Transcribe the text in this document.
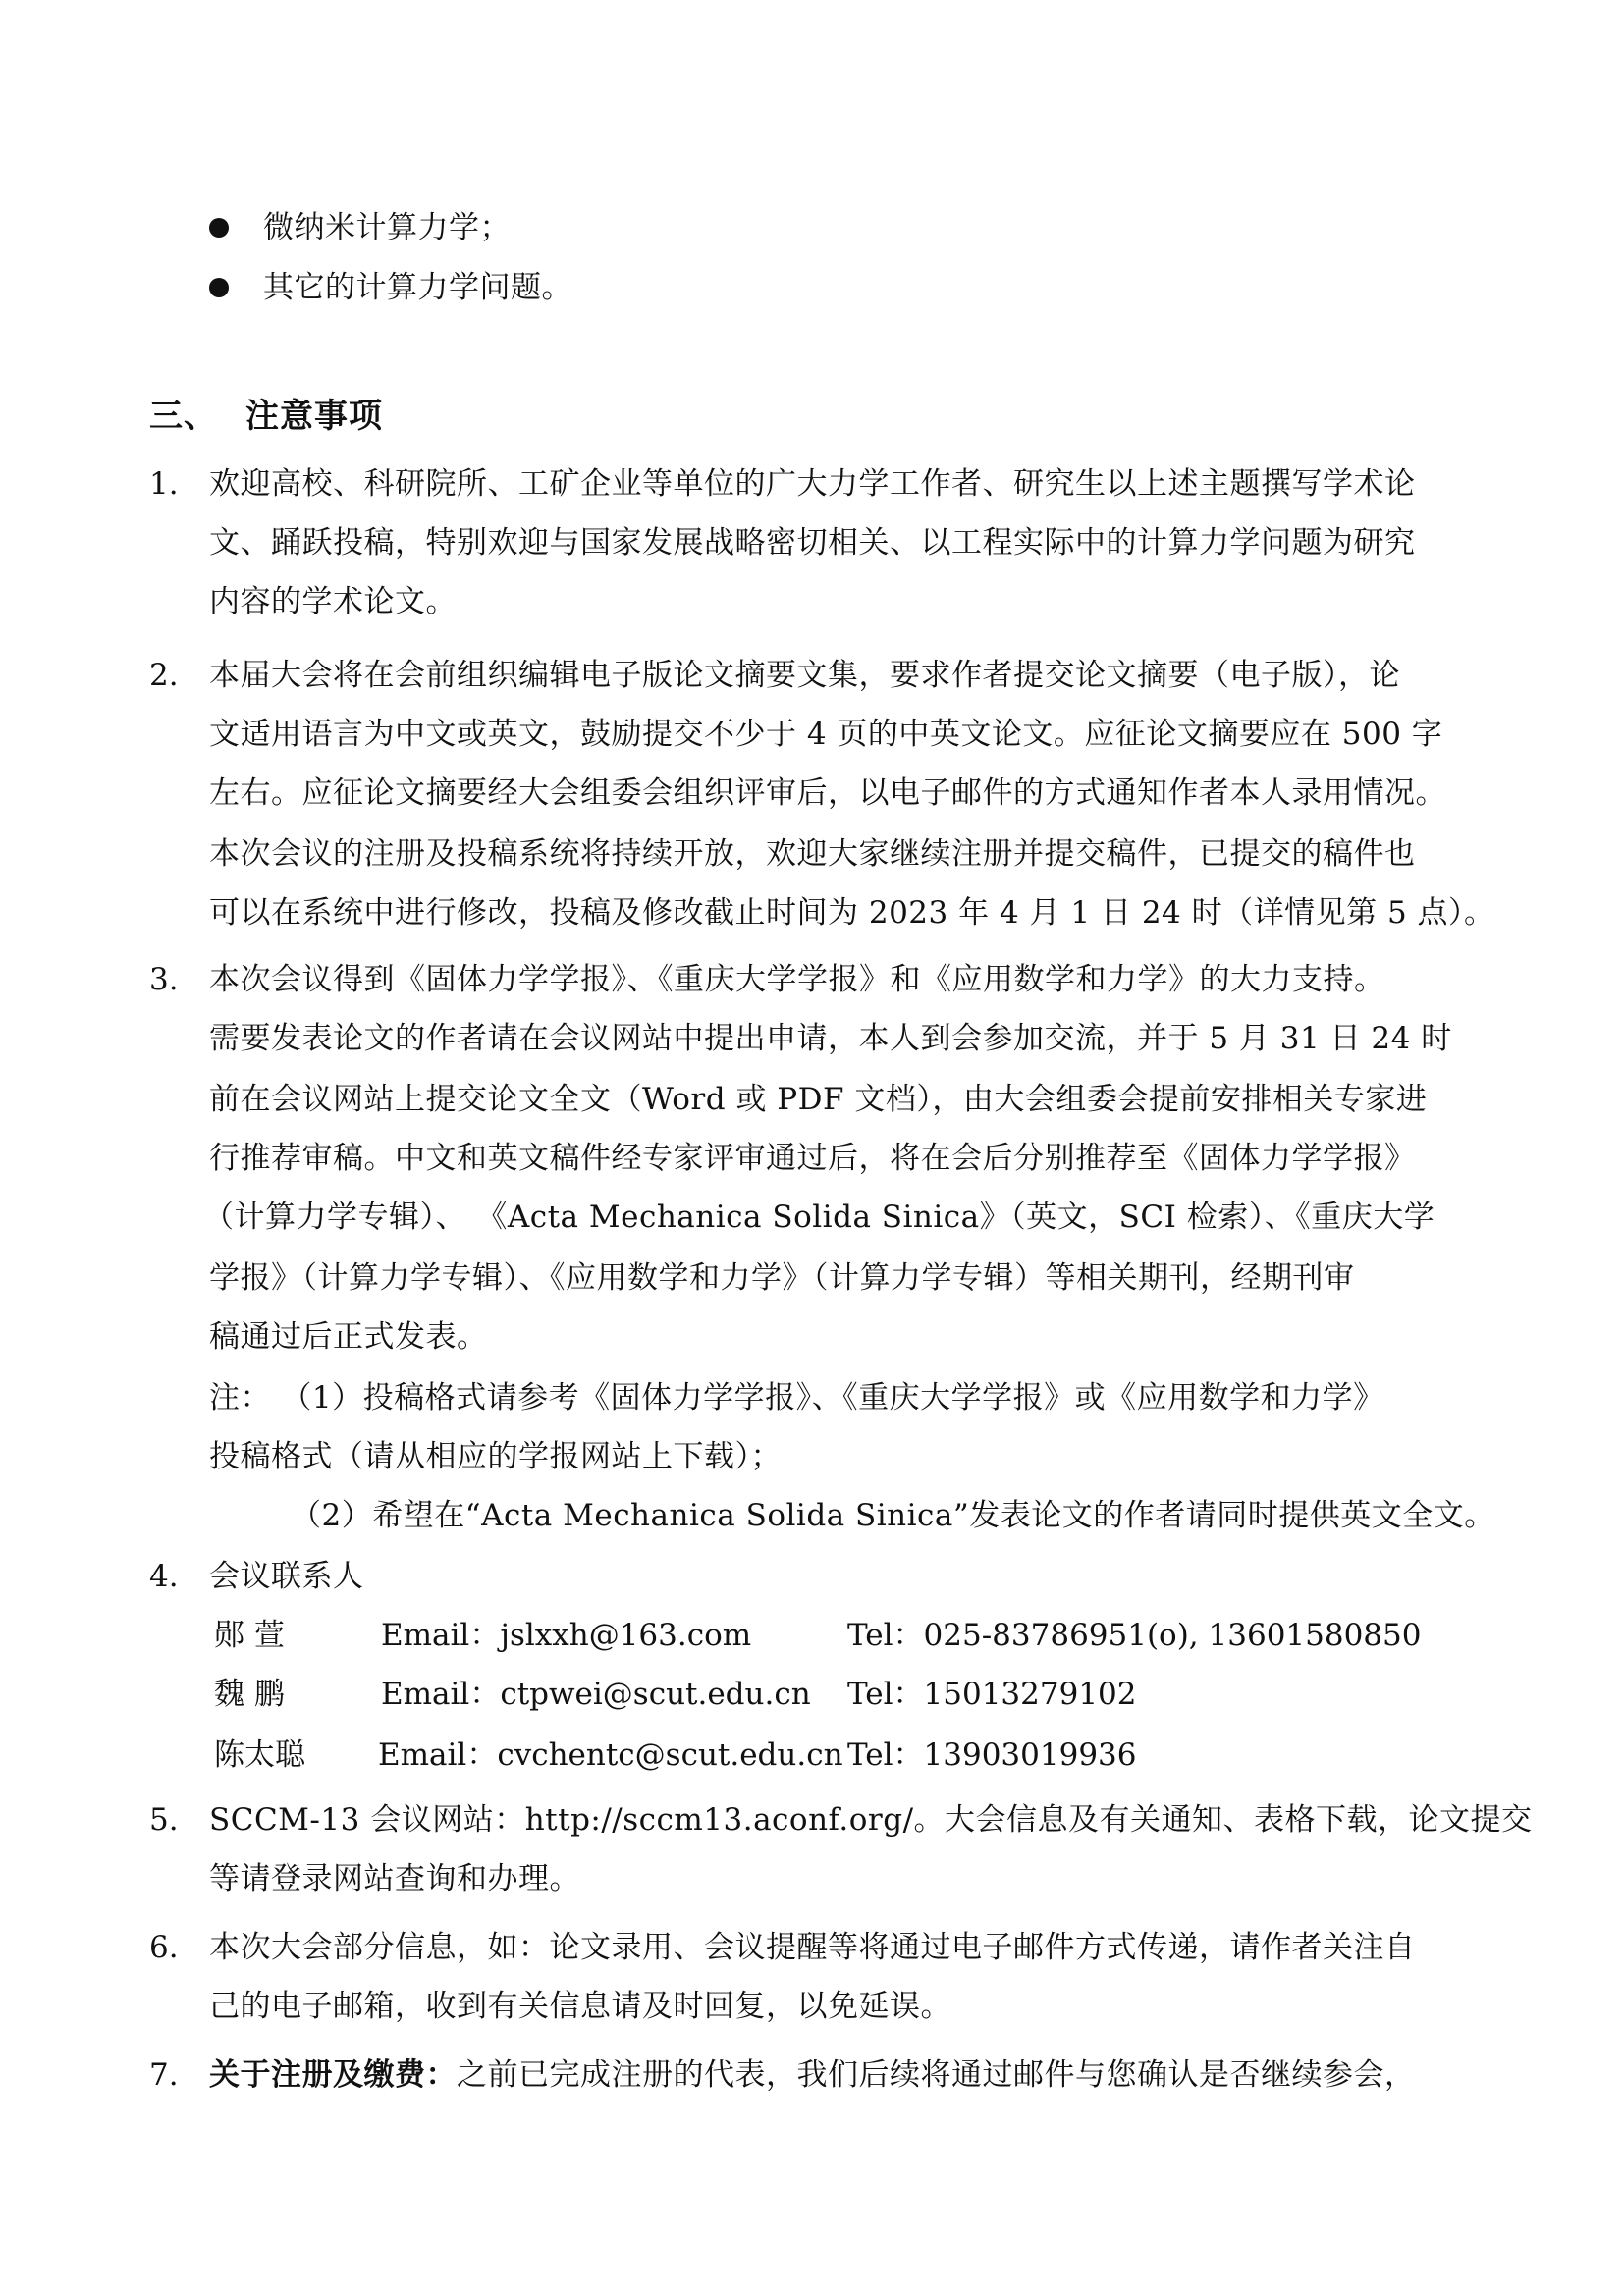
微纳米计算力学；
其它的计算力学问题。
三、 注意事项
1. 欢迎高校、科研院所、工矿企业等单位的广大力学工作者、研究生以上述主题撰写学术论
文、踊跃投稿，特别欢迎与国家发展战略密切相关、以工程实际中的计算力学问题为研究
内容的学术论文。
2. 本届大会将在会前组织编辑电子版论文摘要文集，要求作者提交论文摘要（电子版），论
文适用语言为中文或英文，鼓励提交不少于 4 页的中英文论文。应征论文摘要应在 500 字
左右。应征论文摘要经大会组委会组织评审后，以电子邮件的方式通知作者本人录用情况。
本次会议的注册及投稿系统将持续开放，欢迎大家继续注册并提交稿件，已提交的稿件也
可以在系统中进行修改，投稿及修改截止时间为 2023 年 4 月 1 日 24 时（详情见第 5 点）。
3. 本次会议得到《固体力学学报》、《重庆大学学报》和《应用数学和力学》的大力支持。
需要发表论文的作者请在会议网站中提出申请，本人到会参加交流，并于 5 月 31 日 24 时
前在会议网站上提交论文全文（Word 或 PDF 文档），由大会组委会提前安排相关专家进
行推荐审稿。中文和英文稿件经专家评审通过后，将在会后分别推荐至《固体力学学报》
（计算力学专辑）、 《Acta Mechanica Solida Sinica》（英文，SCI 检索）、《重庆大学
学报》（计算力学专辑）、《应用数学和力学》（计算力学专辑）等相关期刊，经期刊审
稿通过后正式发表。
注： （1）投稿格式请参考《固体力学学报》、《重庆大学学报》或《应用数学和力学》
投稿格式（请从相应的学报网站上下载）；
（2）希望在“Acta Mechanica Solida Sinica”发表论文的作者请同时提供英文全文。
4. 会议联系人
郧 萱	Email：jslxxh@163.com	Tel：025-83786951(o), 13601580850
魏 鹏	Email：ctpwei@scut.edu.cn Tel：15013279102
陈太聪 Email：cvchentc@scut.edu.cn Tel：13903019936
5. SCCM-13 会议网站：http://sccm13.aconf.org/。大会信息及有关通知、表格下载，论文提交
等请登录网站查询和办理。
6. 本次大会部分信息，如：论文录用、会议提醒等将通过电子邮件方式传递，请作者关注自
己的电子邮箱，收到有关信息请及时回复，以免延误。
7. 关于注册及缴费：之前已完成注册的代表，我们后续将通过邮件与您确认是否继续参会，
